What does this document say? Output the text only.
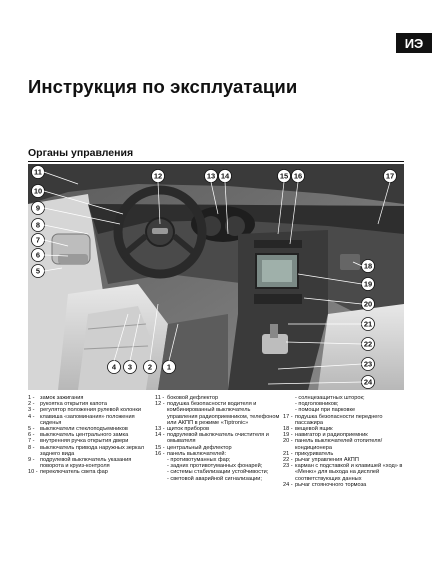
ИЭ
Инструкция по эксплуатации
Органы управления
11
10
9
8
7
6
5
4 3 2 1
12	13 14	15 16	17
18
19
20
21
22
23
24
1 - замок зажигания
2 - рукоятка открытия капота
3 - регулятор положения рулевой колонки
4 - клавиша «запоминания» положения сиденья
5 - выключатели стеклоподъемников
6 - выключатель центрального замка
7 - внутренняя ручка открытия двери
8 - выключатель привода наружных зеркал заднего вида
9 - подрулевой выключатель указания поворота и круиз-контроля
10 - переключатель света фар
11 - боковой дефлектор
12 - подушка безопасности водителя и комбинированный выключатель управления радиоприемником, телефоном или АКПП в режиме «Tiptronic»
13 - щиток приборов
14 - подрулевой выключатель очистителя и омывателя
15 - центральный дефлектор
16 - панель выключателей:
- противотуманных фар;
- задних противотуманных фонарей;
- системы стабилизации устойчивости;
- световой аварийной сигнализации;
- солнцезащитных шторок;
- подголовников;
- помощи при парковке
17 - подушка безопасности переднего пассажира
18 - вещевой ящик
19 - навигатор и радиоприемник
20 - панель выключателей отопителя/кондиционера
21 - прикуриватель
22 - рычаг управления АКПП
23 - карман с подставкой и клавишей «ход» в «Меню» для выхода на дисплей соответствующих данных
24 - рычаг стояночного тормоза
